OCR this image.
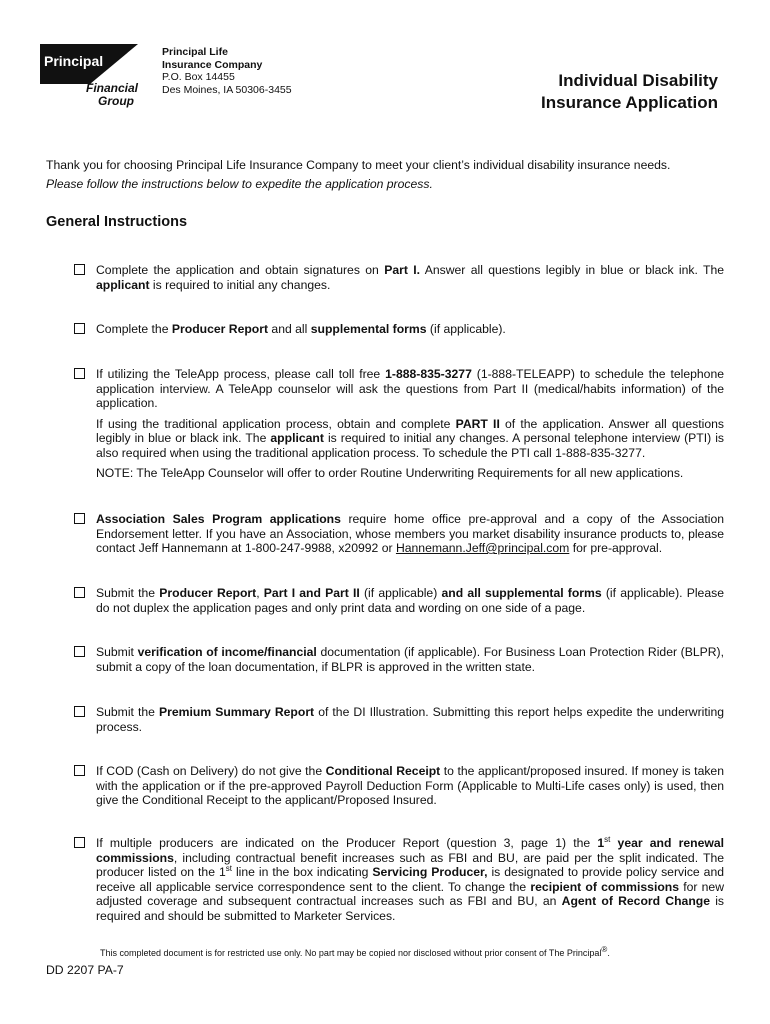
Principal
Financial
Group
Principal Life
Insurance Company
P.O. Box 14455
Des Moines, IA 50306-3455	Individual Disability
Insurance Application
Thank you for choosing Principal Life Insurance Company to meet your client’s individual disability insurance needs.
Please follow the instructions below to expedite the application process.
General Instructions
Complete the application and obtain signatures on Part I. Answer all questions legibly in blue or black ink. The applicant is required to initial any changes.
Complete the Producer Report and all supplemental forms (if applicable).

If utilizing the TeleApp process, please call toll free 1-888-835-3277 (1-888-TELEAPP) to schedule the telephone application interview. A TeleApp counselor will ask the questions from Part II (medical/habits information) of the application.

If using the traditional application process, obtain and complete PART II of the application. Answer all questions legibly in blue or black ink. The applicant is required to initial any changes. A personal telephone interview (PTI) is also required when using the traditional application process. To schedule the PTI call 1-888-835-3277.

NOTE: The TeleApp Counselor will offer to order Routine Underwriting Requirements for all new applications.

Association Sales Program applications require home office pre-approval and a copy of the Association Endorsement letter. If you have an Association, whose members you market disability insurance products to, please contact Jeff Hannemann at 1-800-247-9988, x20992 or Hannemann.Jeff@principal.com for pre-approval.
Submit the Producer Report, Part I and Part II (if applicable) and all supplemental forms (if applicable). Please do not duplex the application pages and only print data and wording on one side of a page.
Submit verification of income/financial documentation (if applicable). For Business Loan Protection Rider (BLPR), submit a copy of the loan documentation, if BLPR is approved in the written state.
Submit the Premium Summary Report of the DI Illustration. Submitting this report helps expedite the underwriting process.
If COD (Cash on Delivery) do not give the Conditional Receipt to the applicant/proposed insured. If money is taken with the application or if the pre-approved Payroll Deduction Form (Applicable to Multi-Life cases only) is used, then give the Conditional Receipt to the applicant/Proposed Insured.
If multiple producers are indicated on the Producer Report (question 3, page 1) the 1st year and renewal commissions, including contractual benefit increases such as FBI and BU, are paid per the split indicated. The producer listed on the 1st line in the box indicating Servicing Producer, is designated to provide policy service and receive all applicable service correspondence sent to the client. To change the recipient of commissions for new adjusted coverage and subsequent contractual increases such as FBI and BU, an Agent of Record Change is required and should be submitted to Marketer Services.
This completed document is for restricted use only. No part may be copied nor disclosed without prior consent of The Principal®.
DD 2207 PA-7
